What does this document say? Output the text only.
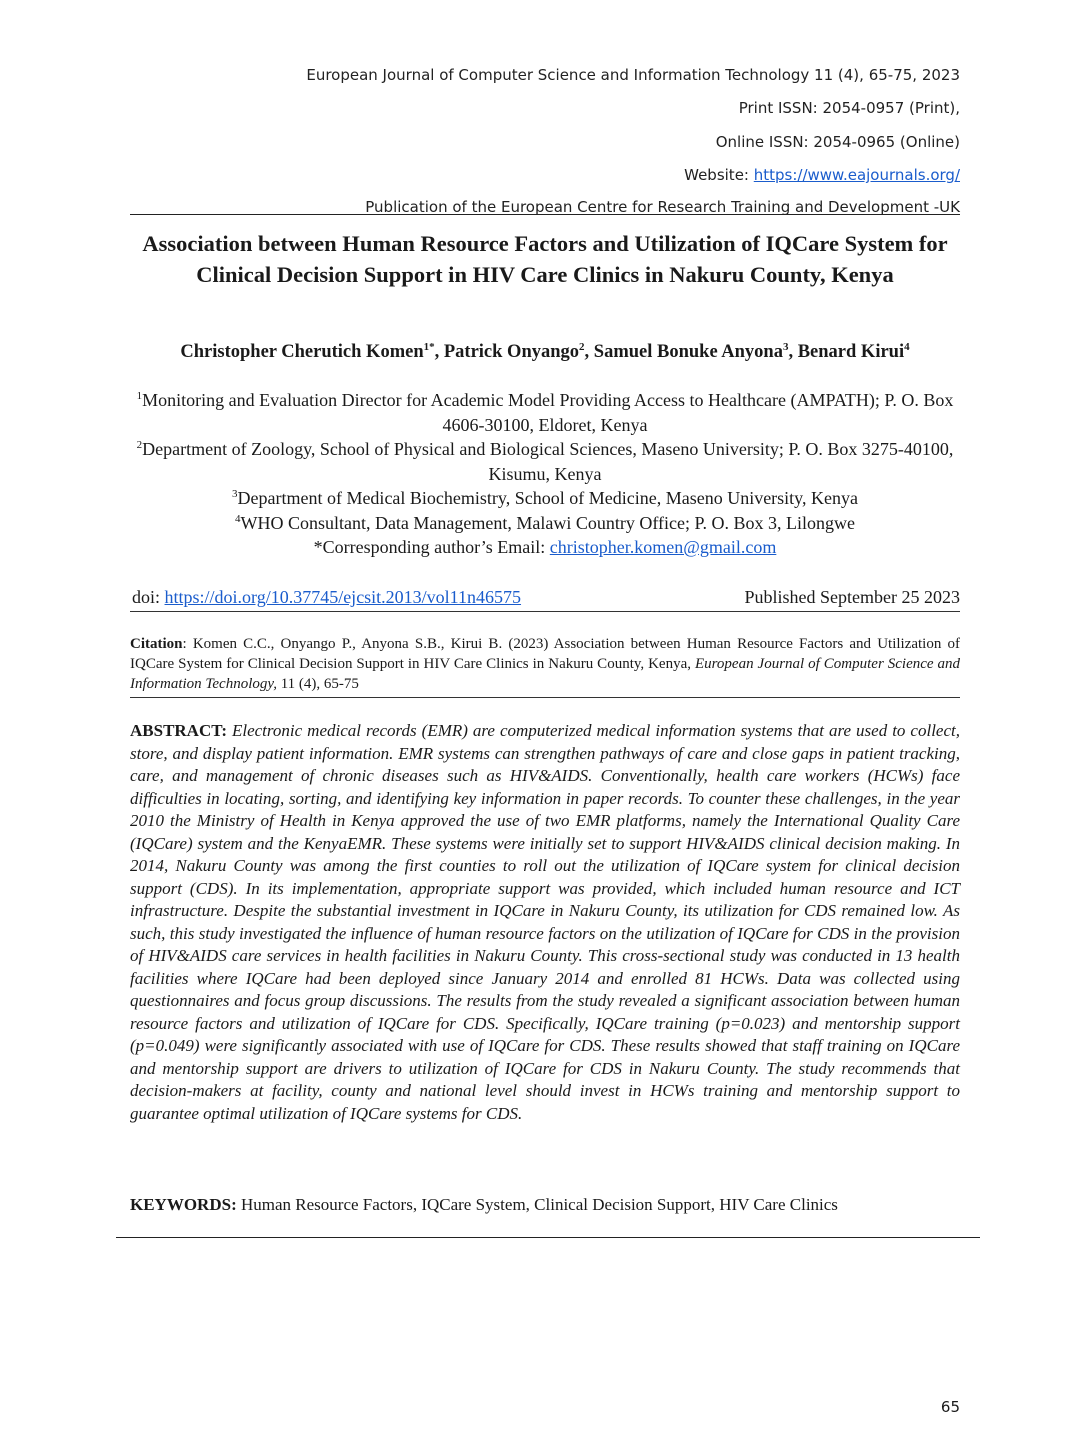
European Journal of Computer Science and Information Technology 11 (4), 65-75, 2023

Print ISSN: 2054-0957 (Print),

Online ISSN: 2054-0965 (Online)

Website: https://www.eajournals.org/

Publication of the European Centre for Research Training and Development -UK

Association between Human Resource Factors and Utilization of IQCare System for Clinical Decision Support in HIV Care Clinics in Nakuru County, Kenya

Christopher Cherutich Komen$^{1*}$, Patrick Onyango$^2$, Samuel Bonuke Anyona$^3$, Benard Kirui$^4$

$^1$Monitoring and Evaluation Director for Academic Model Providing Access to Healthcare (AMPATH); P. O. Box 4606-30100, Eldoret, Kenya
$^2$Department of Zoology, School of Physical and Biological Sciences, Maseno University; P. O. Box 3275-40100, Kisumu, Kenya
$^3$Department of Medical Biochemistry, School of Medicine, Maseno University, Kenya
$^4$WHO Consultant, Data Management, Malawi Country Office; P. O. Box 3, Lilongwe
*Corresponding author’s Email: christopher.komen@gmail.com
doi: https://doi.org/10.37745/ejcsit.2013/vol11n46575	Published September 25 2023

Citation: Komen C.C., Onyango P., Anyona S.B., Kirui B. (2023) Association between Human Resource Factors and Utilization of IQCare System for Clinical Decision Support in HIV Care Clinics in Nakuru County, Kenya, European Journal of Computer Science and Information Technology, 11 (4), 65-75

ABSTRACT: Electronic medical records (EMR) are computerized medical information systems that are used to collect, store, and display patient information. EMR systems can strengthen pathways of care and close gaps in patient tracking, care, and management of chronic diseases such as HIV&AIDS. Conventionally, health care workers (HCWs) face difficulties in locating, sorting, and identifying key information in paper records. To counter these challenges, in the year 2010 the Ministry of Health in Kenya approved the use of two EMR platforms, namely the International Quality Care (IQCare) system and the KenyaEMR. These systems were initially set to support HIV&AIDS clinical decision making. In 2014, Nakuru County was among the first counties to roll out the utilization of IQCare system for clinical decision support (CDS). In its implementation, appropriate support was provided, which included human resource and ICT infrastructure. Despite the substantial investment in IQCare in Nakuru County, its utilization for CDS remained low. As such, this study investigated the influence of human resource factors on the utilization of IQCare for CDS in the provision of HIV&AIDS care services in health facilities in Nakuru County. This cross-sectional study was conducted in 13 health facilities where IQCare had been deployed since January 2014 and enrolled 81 HCWs. Data was collected using questionnaires and focus group discussions. The results from the study revealed a significant association between human resource factors and utilization of IQCare for CDS. Specifically, IQCare training (p=0.023) and mentorship support (p=0.049) were significantly associated with use of IQCare for CDS. These results showed that staff training on IQCare and mentorship support are drivers to utilization of IQCare for CDS in Nakuru County. The study recommends that decision-makers at facility, county and national level should invest in HCWs training and mentorship support to guarantee optimal utilization of IQCare systems for CDS.

KEYWORDS: Human Resource Factors, IQCare System, Clinical Decision Support, HIV Care Clinics

65
